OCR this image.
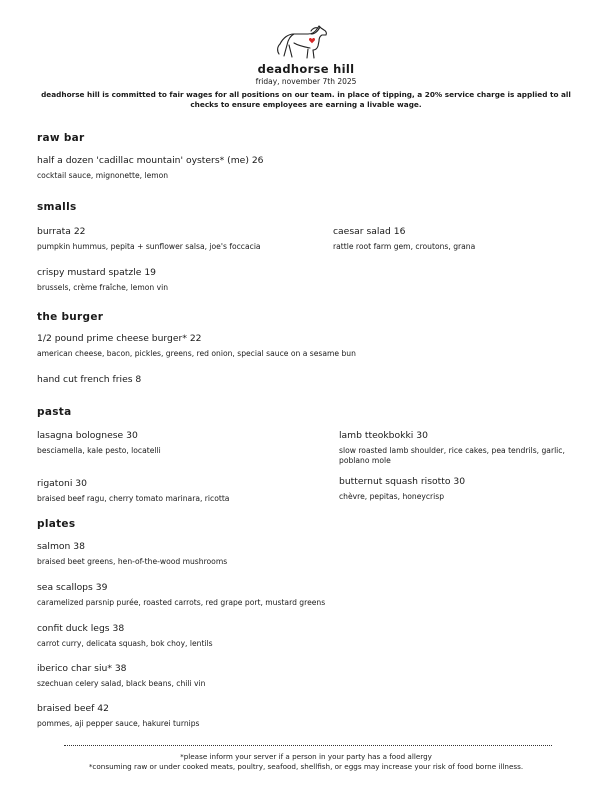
deadhorse hill
friday, november 7th 2025
deadhorse hill is committed to fair wages for all positions on our team. in place of tipping, a 20% service charge is applied to all checks to ensure employees are earning a livable wage.
raw bar
half a dozen 'cadillac mountain' oysters* (me) 26
cocktail sauce, mignonette, lemon
smalls
burrata 22
pumpkin hummus, pepita + sunflower salsa, joe's foccacia
caesar salad 16
rattle root farm gem, croutons, grana
crispy mustard spatzle 19
brussels, crème fraîche, lemon vin
the burger
1/2 pound prime cheese burger* 22
american cheese, bacon, pickles, greens, red onion, special sauce on a sesame bun
hand cut french fries 8
pasta
lasagna bolognese 30
besciamella, kale pesto, locatelli
lamb tteokbokki 30
slow roasted lamb shoulder, rice cakes, pea tendrils, garlic, poblano mole
rigatoni 30
braised beef ragu, cherry tomato marinara, ricotta
butternut squash risotto 30
chèvre, pepitas, honeycrisp
plates
salmon 38
braised beet greens, hen-of-the-wood mushrooms
sea scallops 39
caramelized parsnip purée, roasted carrots, red grape port, mustard greens
confit duck legs 38
carrot curry, delicata squash, bok choy, lentils
iberico char siu* 38
szechuan celery salad, black beans, chili vin
braised beef 42
pommes, aji pepper sauce, hakurei turnips
*please inform your server if a person in your party has a food allergy
*consuming raw or under cooked meats, poultry, seafood, shellfish, or eggs may increase your risk of food borne illness.
